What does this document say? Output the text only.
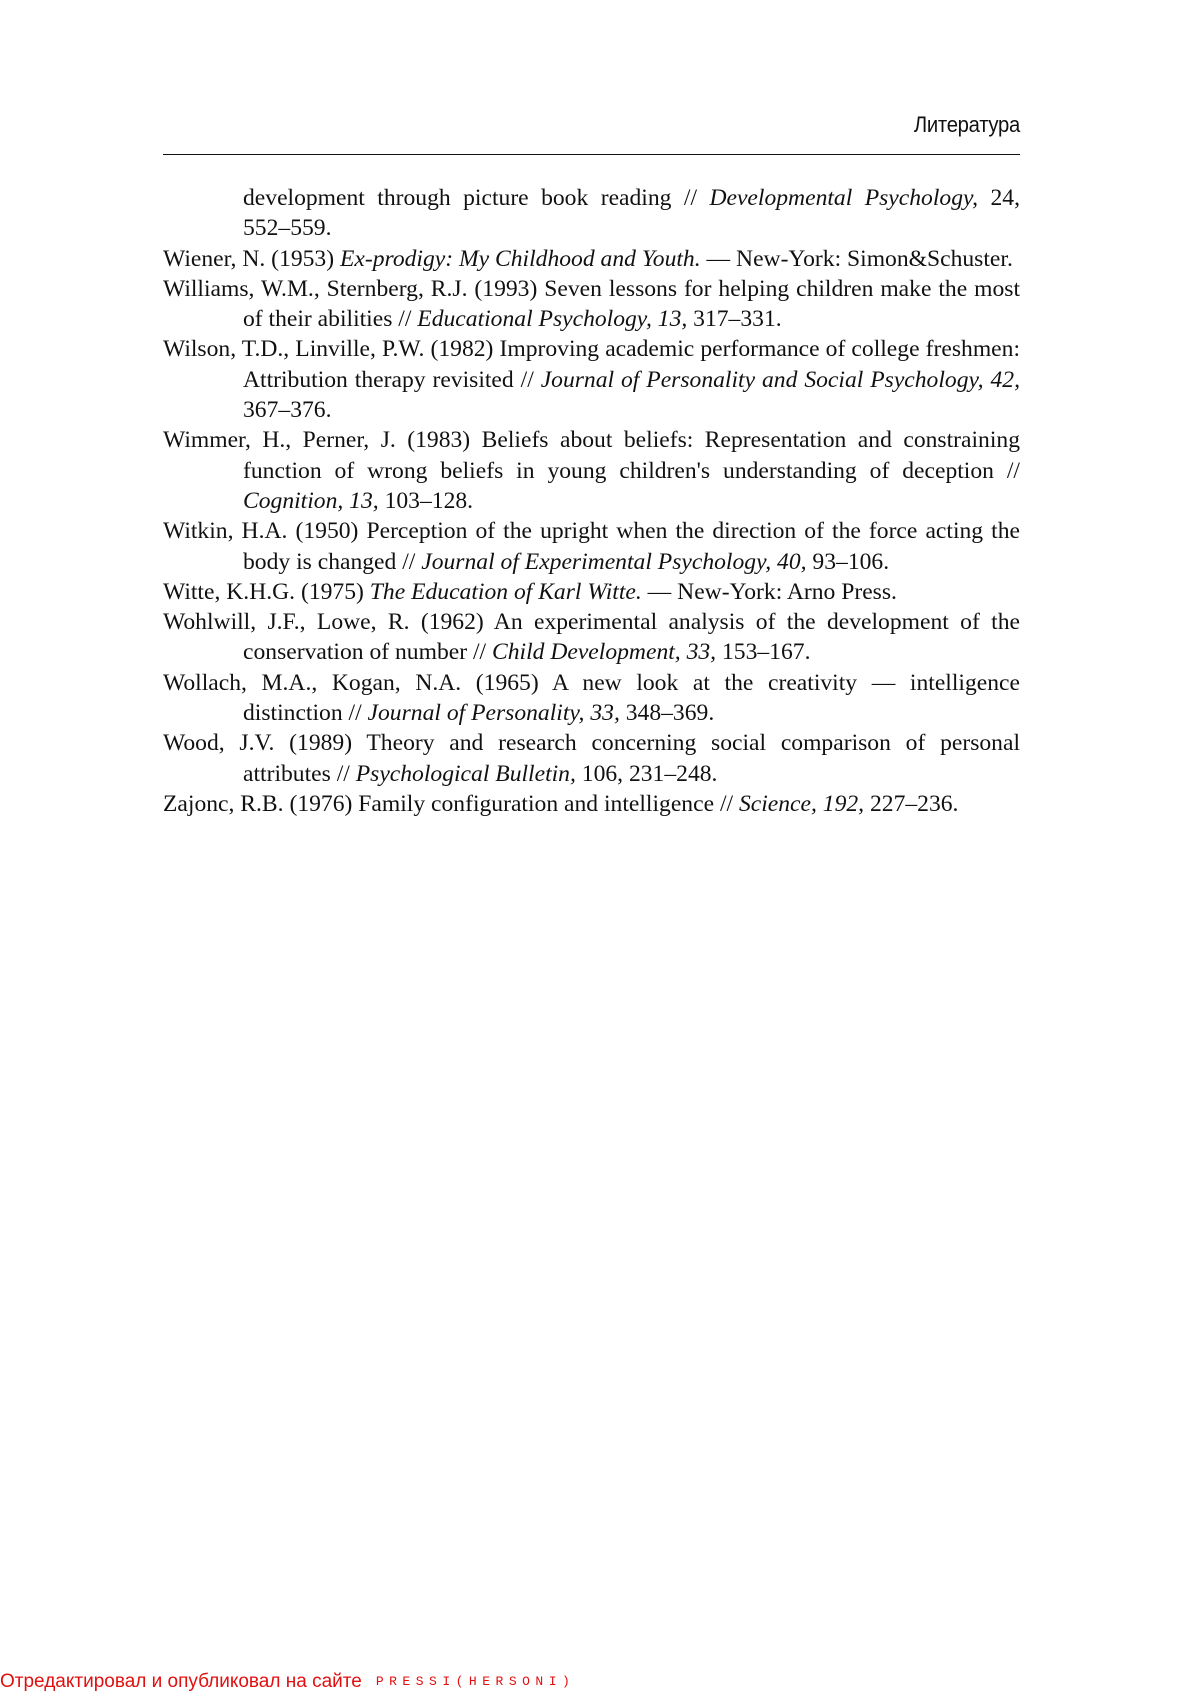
Литература

development through picture book reading // Developmental Psychology, 24, 552–559.

Wiener, N. (1953) Ex-prodigy: My Childhood and Youth. — New-York: Simon&Schuster.

Williams, W.M., Sternberg, R.J. (1993) Seven lessons for helping children make the most of their abilities // Educational Psychology, 13, 317–331.

Wilson, T.D., Linville, P.W. (1982) Improving academic performance of college freshmen: Attribution therapy revisited // Journal of Personality and Social Psychology, 42, 367–376.

Wimmer, H., Perner, J. (1983) Beliefs about beliefs: Representation and constraining function of wrong beliefs in young children's understanding of deception // Cognition, 13, 103–128.

Witkin, H.A. (1950) Perception of the upright when the direction of the force acting the body is changed // Journal of Experimental Psychology, 40, 93–106.

Witte, K.H.G. (1975) The Education of Karl Witte. — New-York: Arno Press.

Wohlwill, J.F., Lowe, R. (1962) An experimental analysis of the development of the conservation of number // Child Development, 33, 153–167.

Wollach, M.A., Kogan, N.A. (1965) A new look at the creativity — intelligence distinction // Journal of Personality, 33, 348–369.

Wood, J.V. (1989) Theory and research concerning social comparison of personal attributes // Psychological Bulletin, 106, 231–248.

Zajonc, R.B. (1976) Family configuration and intelligence // Science, 192, 227–236.

Отредактировал и опубликовал на сайте PRESSI(HERSONI)
